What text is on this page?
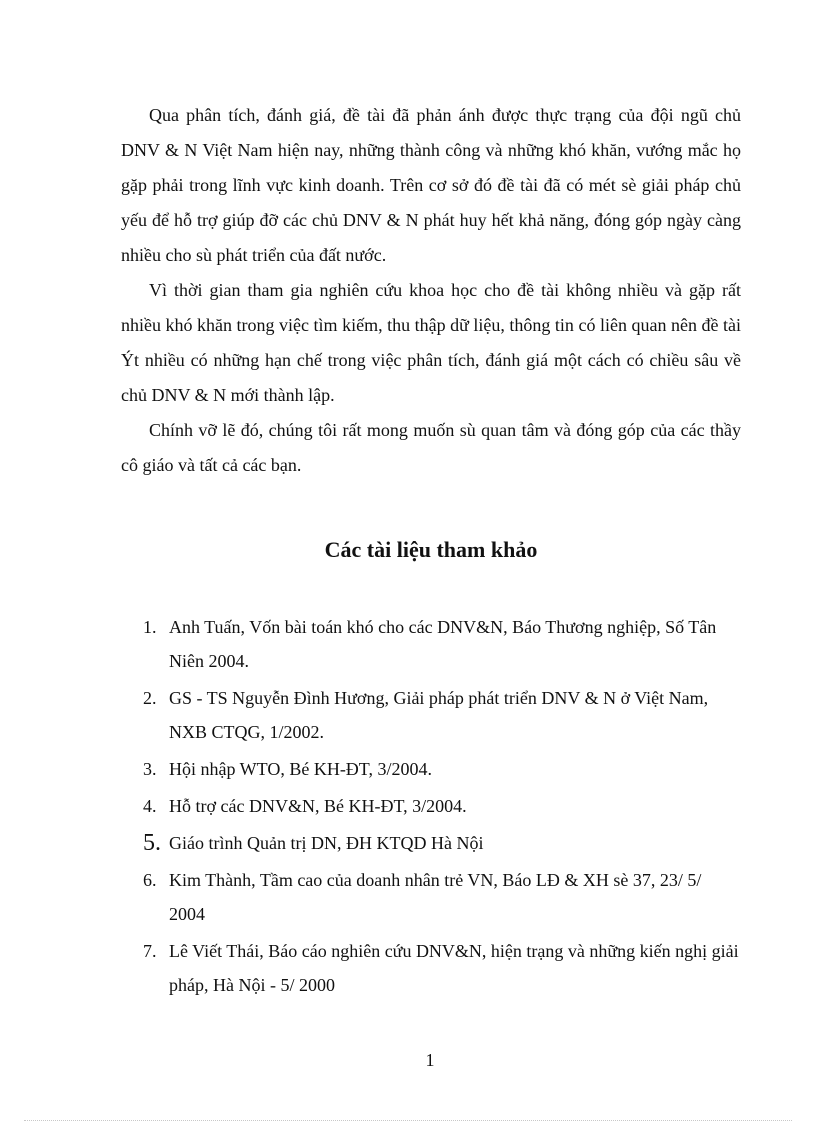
Qua phân tích, đánh giá, đề tài đã phản ánh được thực trạng của đội ngũ chủ DNV & N Việt Nam hiện nay, những thành công và những khó khăn, vướng mắc họ gặp phải trong lĩnh vực kinh doanh. Trên cơ sở đó đề tài đã có mét sè giải pháp chủ yếu để hỗ trợ giúp đỡ các chủ DNV & N phát huy hết khả năng, đóng góp ngày càng nhiều cho sù phát triển của đất nước.

Vì thời gian tham gia nghiên cứu khoa học cho đề tài không nhiều và gặp rất nhiều khó khăn trong việc tìm kiếm, thu thập dữ liệu, thông tin có liên quan nên đề tài Ýt nhiều có những hạn chế trong việc phân tích, đánh giá một cách có chiều sâu về chủ DNV & N mới thành lập.

Chính vỡ lẽ đó, chúng tôi rất mong muốn sù quan tâm và đóng góp của các thầy cô giáo và tất cả các bạn.

Các tài liệu tham khảo
1. Anh Tuấn, Vốn bài toán khó cho các DNV&N, Báo Thương nghiệp, Số Tân Niên 2004.
2. GS - TS Nguyễn Đình Hương, Giải pháp phát triển DNV & N ở Việt Nam, NXB CTQG, 1/2002.
3. Hội nhập WTO, Bé KH-ĐT, 3/2004.
4. Hỗ trợ các DNV&N, Bé KH-ĐT, 3/2004.
5. Giáo trình Quản trị DN, ĐH KTQD Hà Nội
6. Kim Thành, Tầm cao của doanh nhân trẻ VN, Báo LĐ & XH sè 37, 23/ 5/ 2004
7. Lê Viết Thái, Báo cáo nghiên cứu DNV&N, hiện trạng và những kiến nghị giải pháp, Hà Nội - 5/ 2000
1
